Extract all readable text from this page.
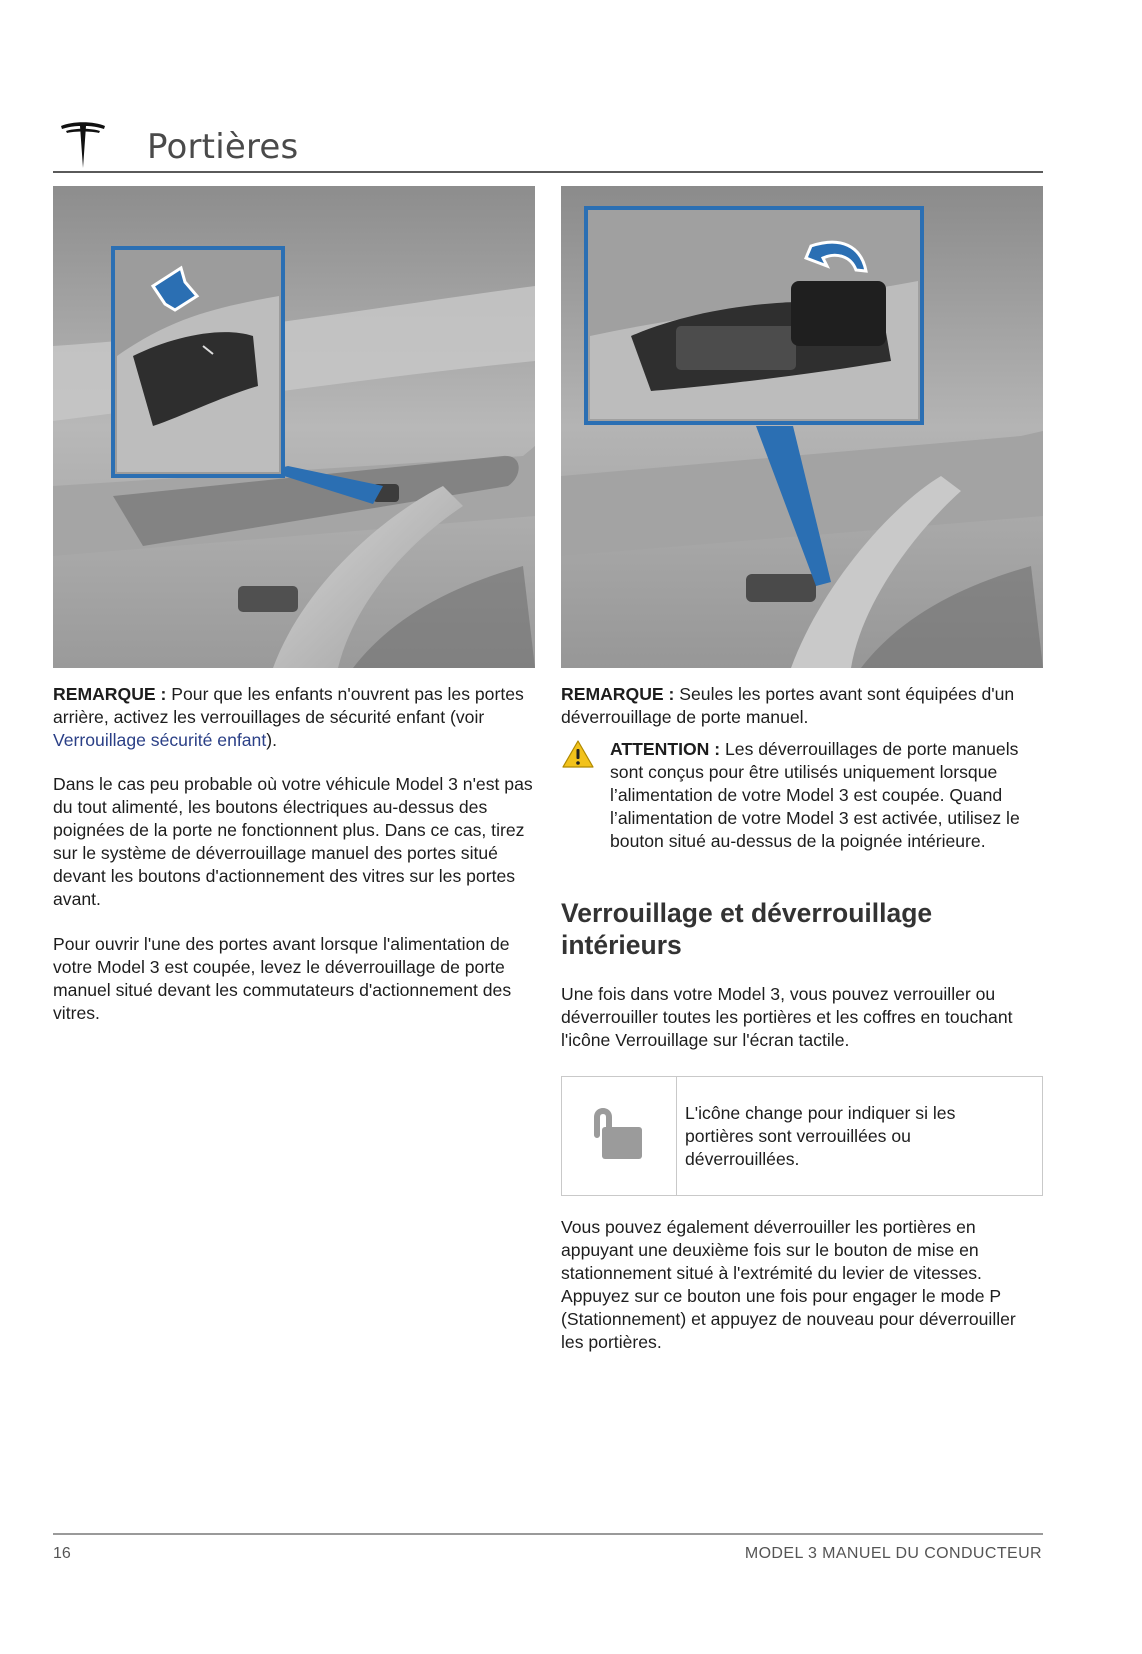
Portières

REMARQUE : Pour que les enfants n'ouvrent pas les portes arrière, activez les verrouillages de sécurité enfant (voir Verrouillage sécurité enfant).

Dans le cas peu probable où votre véhicule Model 3 n'est pas du tout alimenté, les boutons électriques au-dessus des poignées de la porte ne fonctionnent plus. Dans ce cas, tirez sur le système de déverrouillage manuel des portes situé devant les boutons d'actionnement des vitres sur les portes avant.

Pour ouvrir l'une des portes avant lorsque l'alimentation de votre Model 3 est coupée, levez le déverrouillage de porte manuel situé devant les commutateurs d'actionnement des vitres.

REMARQUE : Seules les portes avant sont équipées d'un déverrouillage de porte manuel.

ATTENTION : Les déverrouillages de porte manuels sont conçus pour être utilisés uniquement lorsque l’alimentation de votre Model 3 est coupée. Quand l’alimentation de votre Model 3 est activée, utilisez le bouton situé au-dessus de la poignée intérieure.

Verrouillage et déverrouillage intérieurs

Une fois dans votre Model 3, vous pouvez verrouiller ou déverrouiller toutes les portières et les coffres en touchant l'icône Verrouillage sur l'écran tactile.

L'icône change pour indiquer si les portières sont verrouillées ou déverrouillées.

Vous pouvez également déverrouiller les portières en appuyant une deuxième fois sur le bouton de mise en stationnement situé à l'extrémité du levier de vitesses. Appuyez sur ce bouton une fois pour engager le mode P (Stationnement) et appuyez de nouveau pour déverrouiller les portières.

16	MODEL 3 MANUEL DU CONDUCTEUR
